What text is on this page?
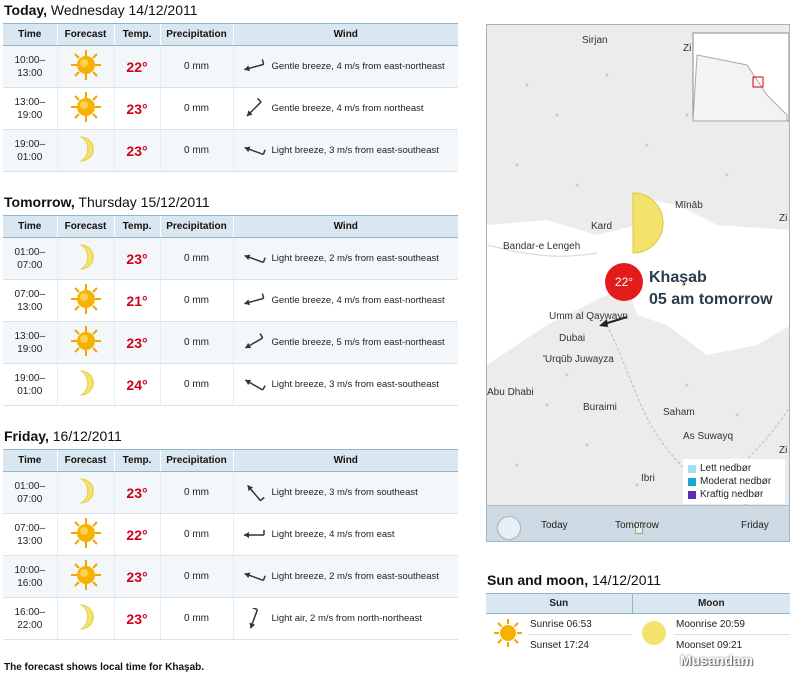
Today, Wednesday 14/12/2011
Time	Forecast	Temp.	Precipitation	Wind
10:00–
13:00		22°	0 mm	Gentle breeze, 4 m/s from east-northeast

13:00–
19:00		23°	0 mm	Gentle breeze, 4 m/s from northeast

19:00–
01:00		23°	0 mm	Light breeze, 3 m/s from east-southeast
Tomorrow, Thursday 15/12/2011
Time	Forecast	Temp.	Precipitation	Wind
01:00–
07:00		23°	0 mm	Light breeze, 2 m/s from east-southeast

07:00–
13:00		21°	0 mm	Gentle breeze, 4 m/s from east-northeast

13:00–
19:00		23°	0 mm	Gentle breeze, 5 m/s from east-northeast

19:00–
01:00		24°	0 mm	Light breeze, 3 m/s from east-southeast
Friday, 16/12/2011
Time	Forecast	Temp.	Precipitation	Wind
01:00–
07:00		23°	0 mm	Light breeze, 3 m/s from southeast

07:00–
13:00		22°	0 mm	Light breeze, 4 m/s from east

10:00–
16:00		23°	0 mm	Light breeze, 2 m/s from east-southeast

16:00–
22:00		23°	0 mm	Light air, 2 m/s from north-northeast
The forecast shows local time for Khaşab.
22° Khaşab
05 am tomorrow
Sirjan
Mīnāb
Kard
Bandar-e Lengeh
Umm al Qaywayn
Dubai
'Urqūb Juwayza
Abu Dhabi
Buraimi	Saham
As Suwayq
Ibri
Zi
Zi
Zi
Lett nedbør
Moderat nedbør
Kraftig nedbør
Today	Tomorrow	Friday
Sun and moon, 14/12/2011
Sun		Moon	
	Sunrise 06:53		Moonrise 20:59
	Sunset 17:24		Moonset 09:21
Musandam
